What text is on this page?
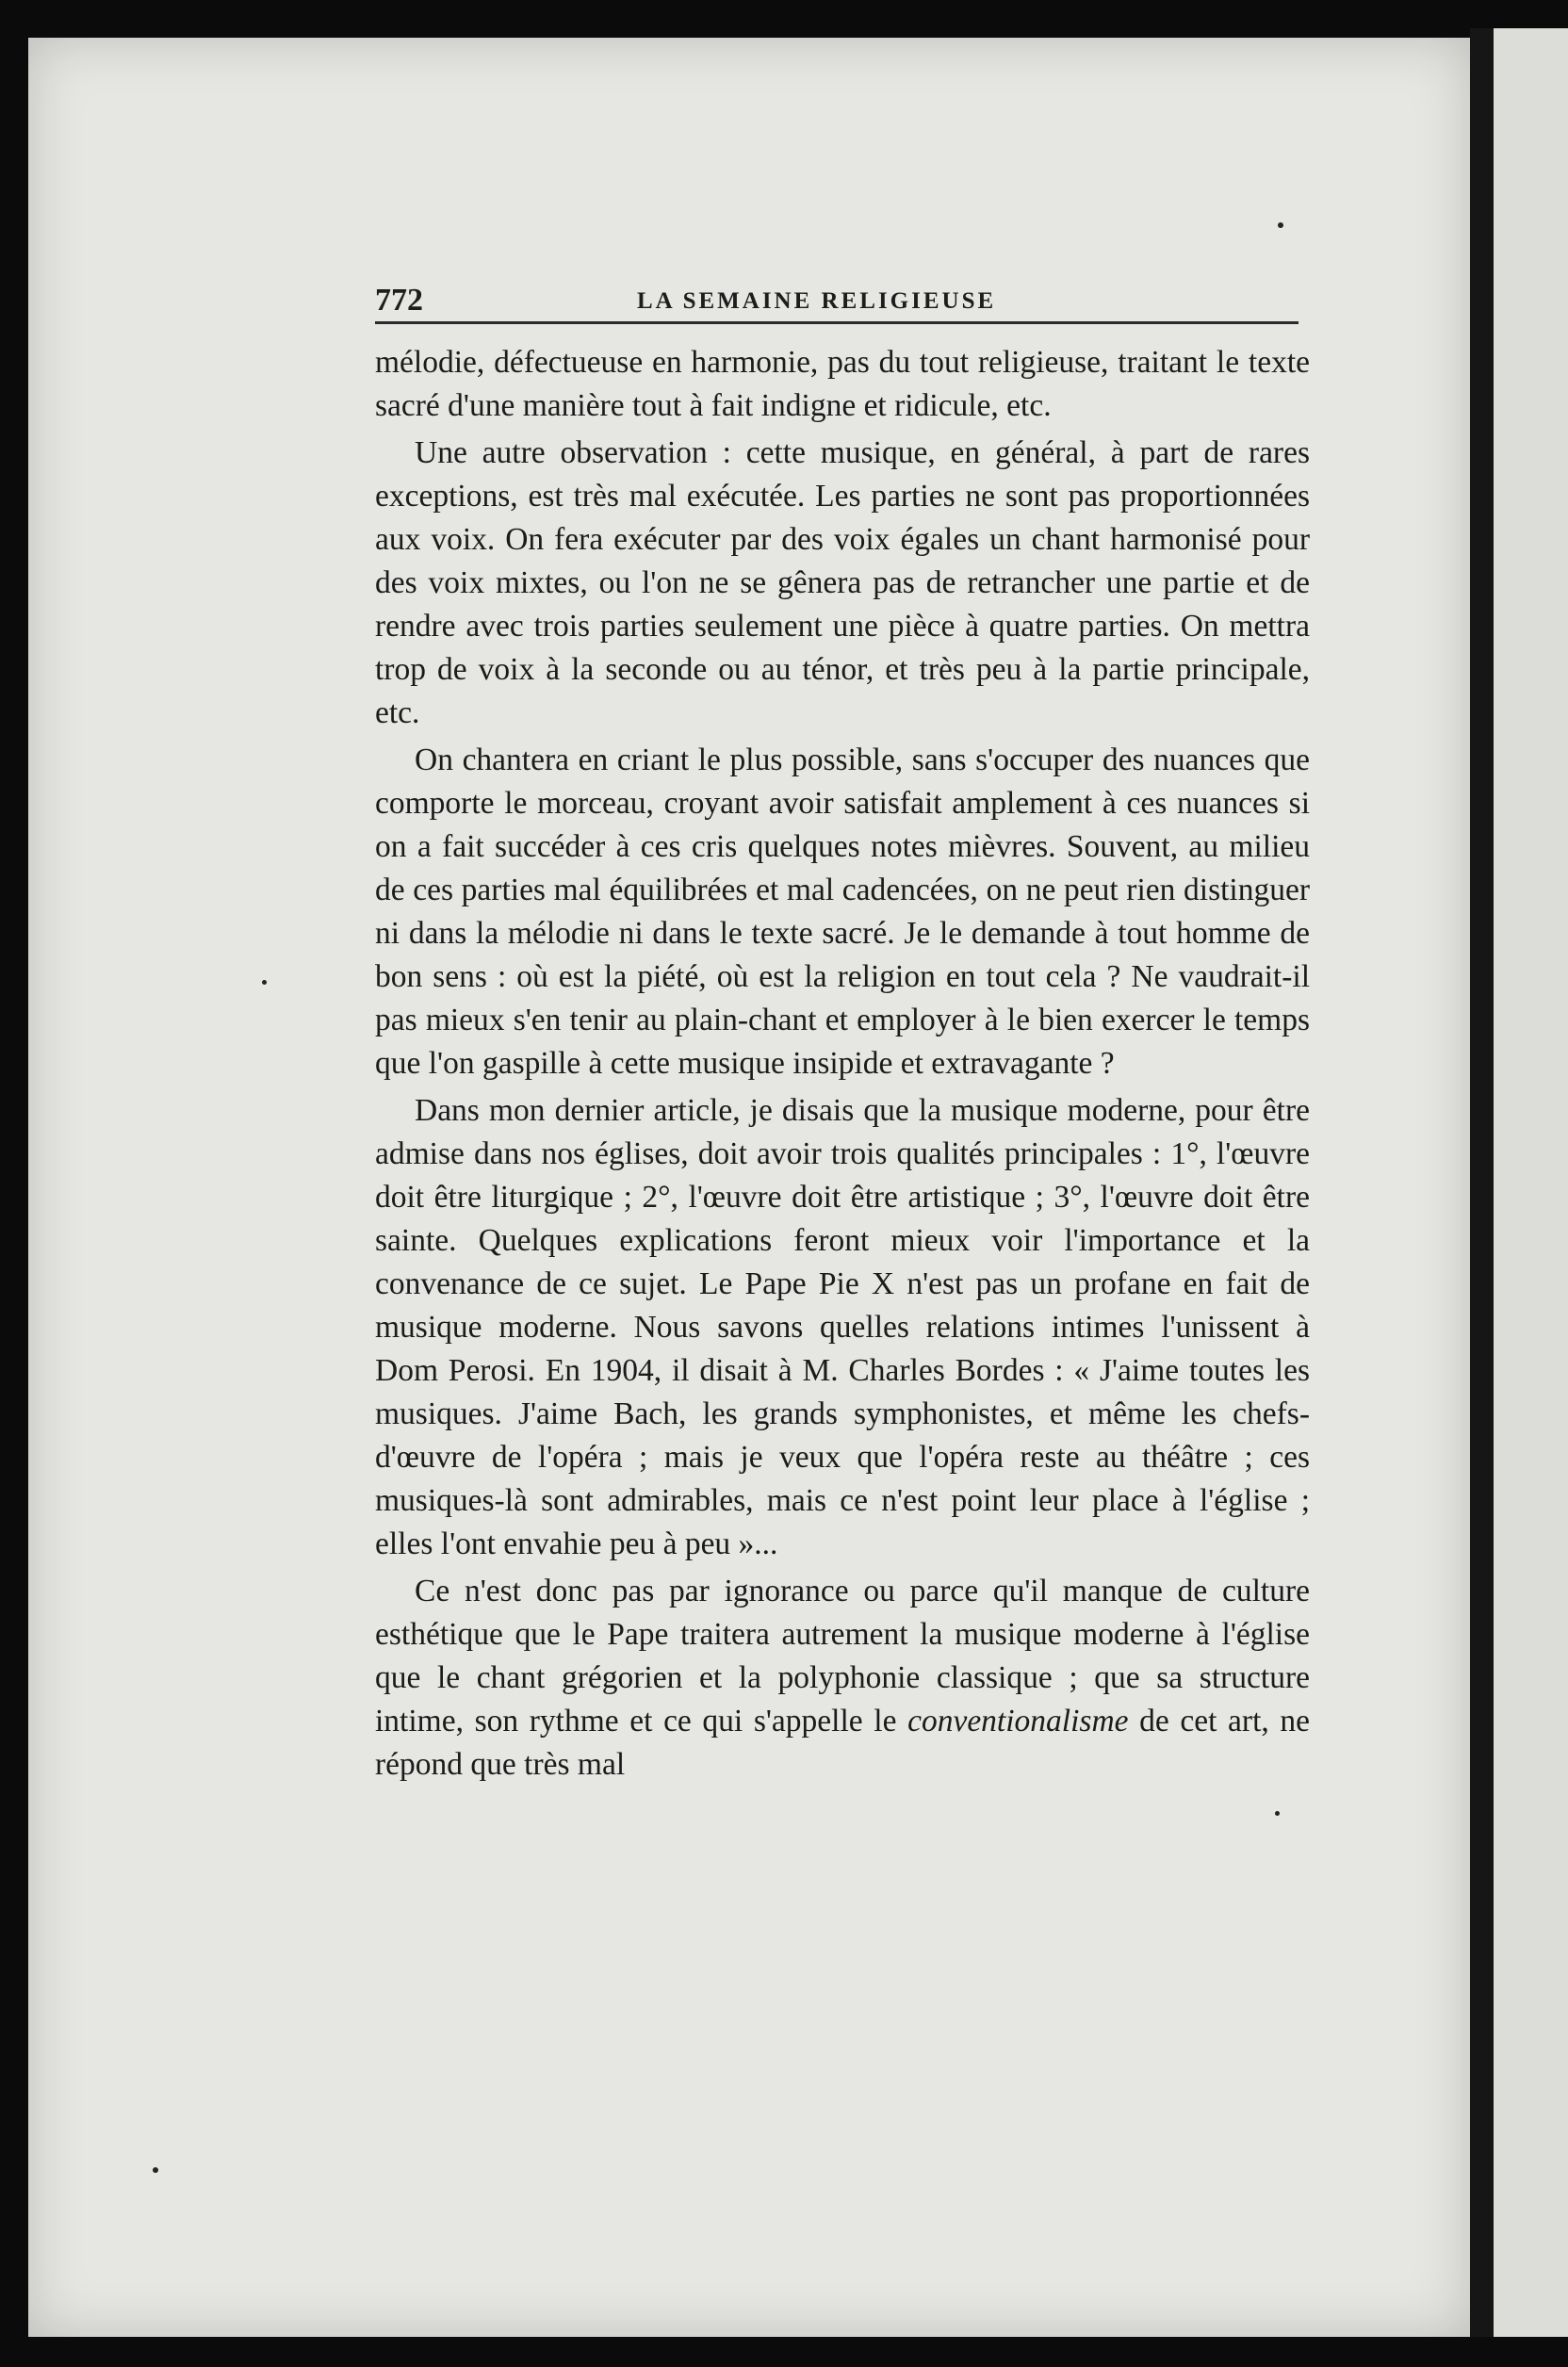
772	LA SEMAINE RELIGIEUSE

mélodie, défectueuse en harmonie, pas du tout religieuse, traitant le texte sacré d'une manière tout à fait indigne et ridicule, etc.

Une autre observation : cette musique, en général, à part de rares exceptions, est très mal exécutée. Les parties ne sont pas proportionnées aux voix. On fera exécuter par des voix égales un chant harmonisé pour des voix mixtes, ou l'on ne se gênera pas de retrancher une partie et de rendre avec trois parties seulement une pièce à quatre parties. On mettra trop de voix à la seconde ou au ténor, et très peu à la partie principale, etc.

On chantera en criant le plus possible, sans s'occuper des nuances que comporte le morceau, croyant avoir satisfait amplement à ces nuances si on a fait succéder à ces cris quelques notes mièvres. Souvent, au milieu de ces parties mal équilibrées et mal cadencées, on ne peut rien distinguer ni dans la mélodie ni dans le texte sacré. Je le demande à tout homme de bon sens : où est la piété, où est la religion en tout cela ? Ne vaudrait-il pas mieux s'en tenir au plain-chant et employer à le bien exercer le temps que l'on gaspille à cette musique insipide et extravagante ?

Dans mon dernier article, je disais que la musique moderne, pour être admise dans nos églises, doit avoir trois qualités principales : 1°, l'œuvre doit être liturgique ; 2°, l'œuvre doit être artistique ; 3°, l'œuvre doit être sainte. Quelques explications feront mieux voir l'importance et la convenance de ce sujet. Le Pape Pie X n'est pas un profane en fait de musique moderne. Nous savons quelles relations intimes l'unissent à Dom Perosi. En 1904, il disait à M. Charles Bordes : « J'aime toutes les musiques. J'aime Bach, les grands symphonistes, et même les chefs-d'œuvre de l'opéra ; mais je veux que l'opéra reste au théâtre ; ces musiques-là sont admirables, mais ce n'est point leur place à l'église ; elles l'ont envahie peu à peu »...

Ce n'est donc pas par ignorance ou parce qu'il manque de culture esthétique que le Pape traitera autrement la musique moderne à l'église que le chant grégorien et la polyphonie classique ; que sa structure intime, son rythme et ce qui s'appelle le conventionalisme de cet art, ne répond que très mal
